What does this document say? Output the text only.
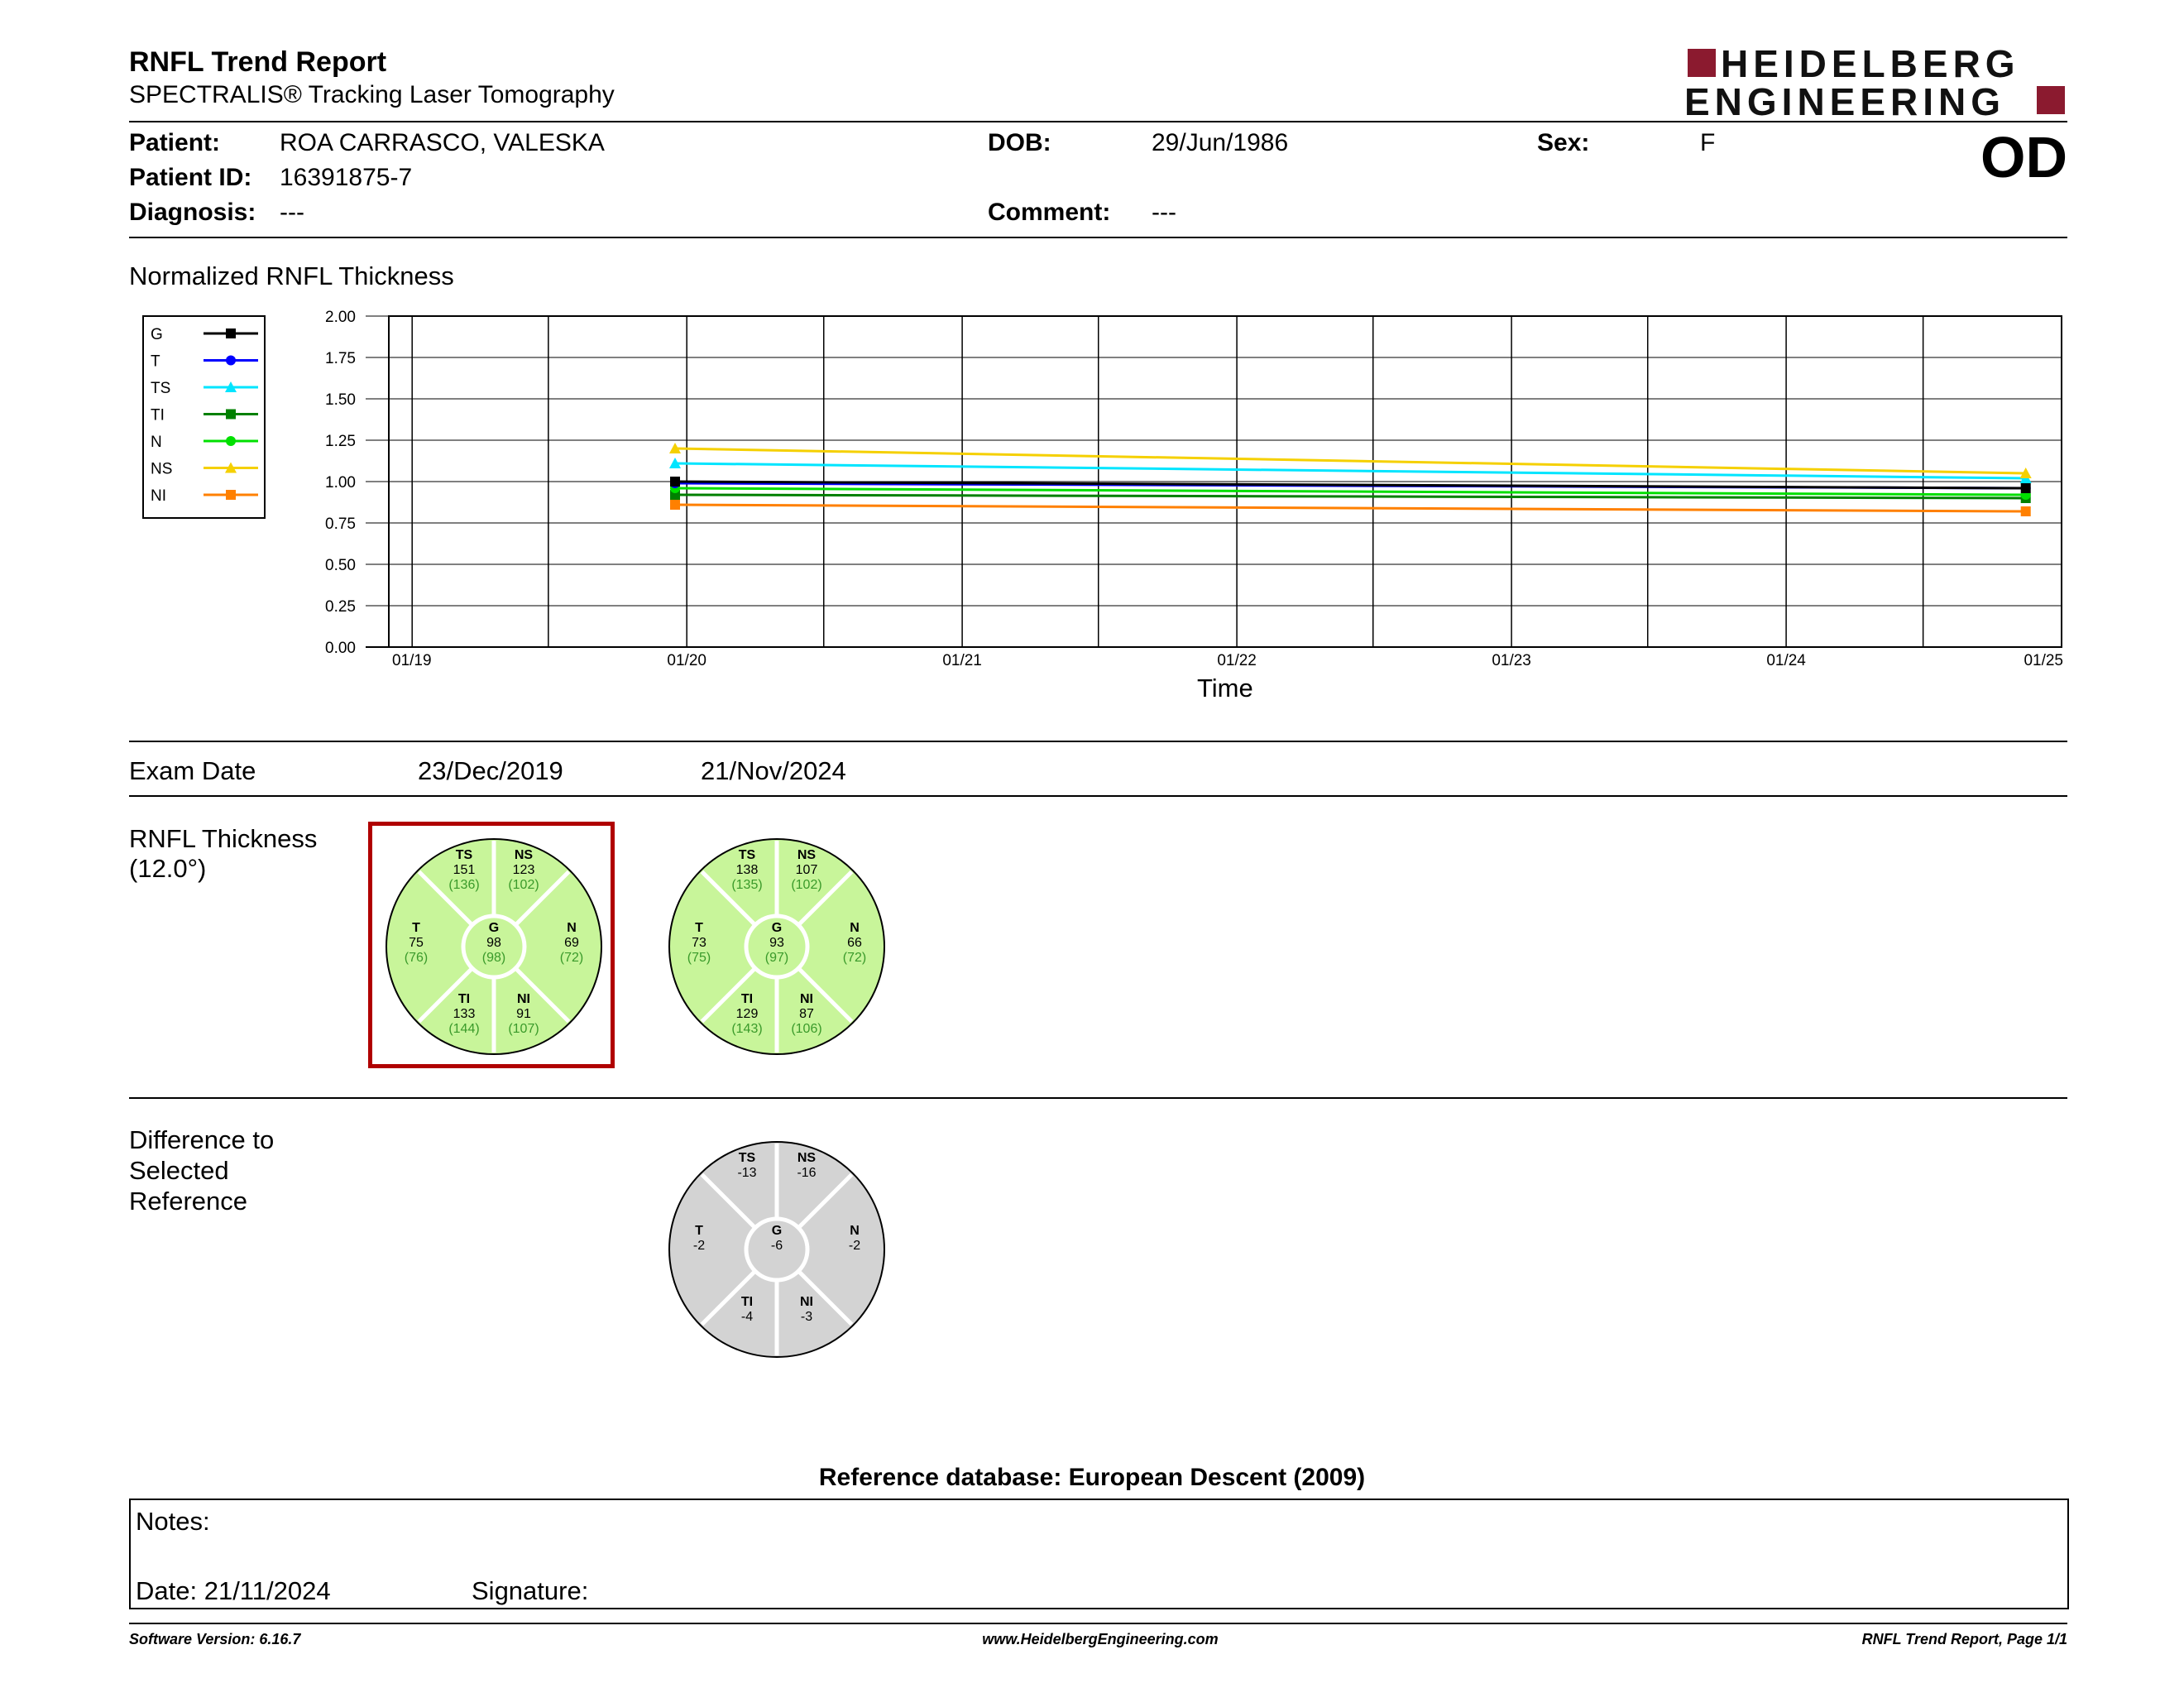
RNFL Trend Report
SPECTRALIS® Tracking Laser Tomography
HEIDELBERG
ENGINEERING
Patient: ROA CARRASCO, VALESKA
Patient ID: 16391875-7
Diagnosis: ---
DOB:	29/Jun/1986
Comment: ---
Sex:	F	OD
Normalized RNFL Thickness
G
T
TS
TI
N
NS
NI
2.00
1.75
1.50
1.25
1.00
0.75
0.50
0.25
0.00
01/19	01/20	01/21	01/22	01/23	01/24	01/25
Time
Exam Date	23/Dec/2019	21/Nov/2024
RNFL Thickness
(12.0°)	TS
151
(136)
NS
123
(102)
T
75
(76)
G
98
(98)
N
69
(72)
TI
133
(144)
NI
91
(107)
TS
138
(135)
NS
107
(102)
T
73
(75)
G
93
(97)
N
66
(72)
TI
129
(143)
NI
87
(106)
Difference to
Selected
Reference
TS
-13
NS
-16
T
-2
G
-6
N
-2
TI
-4
NI
-3
Reference database: European Descent (2009)
Notes:
Date: 21/11/2024	Signature:
Software Version: 6.16.7	www.HeidelbergEngineering.com	RNFL Trend Report, Page 1/1
